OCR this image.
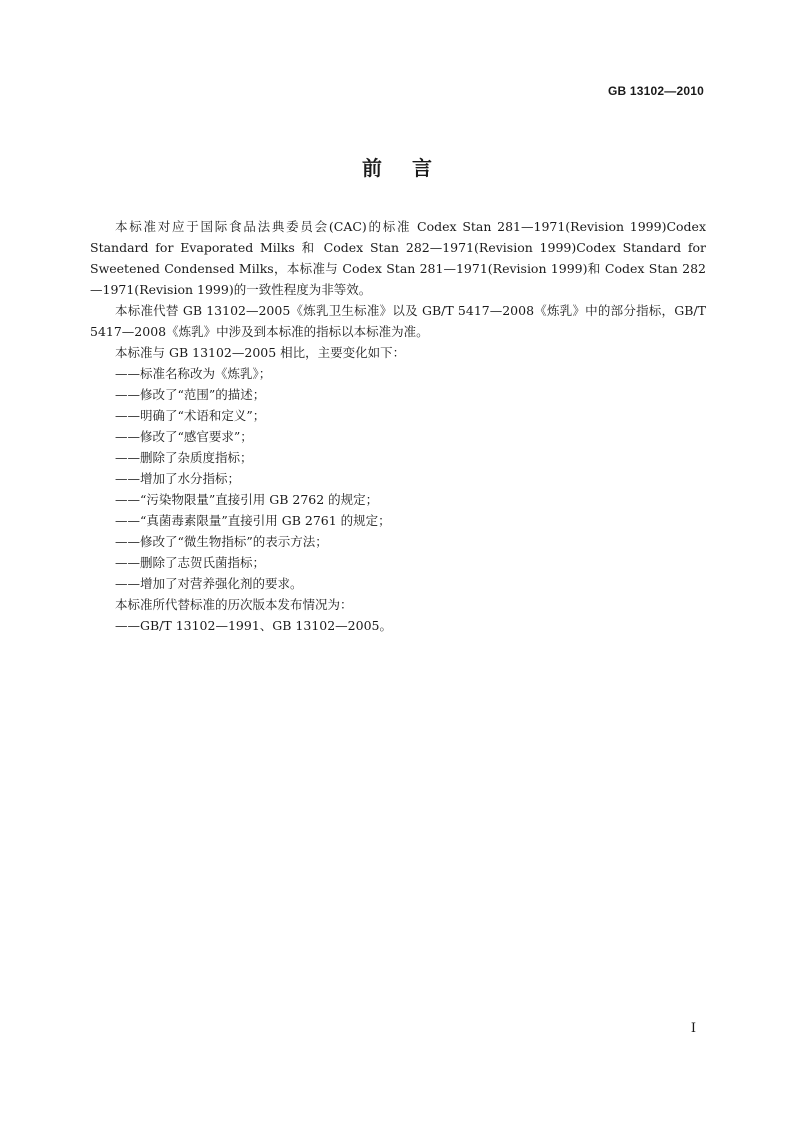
GB 13102—2010
前言

本标准对应于国际食品法典委员会(CAC)的标准 Codex Stan 281—1971(Revision 1999)Codex Standard for Evaporated Milks 和 Codex Stan 282—1971(Revision 1999)Codex Standard for Sweetened Condensed Milks，本标准与 Codex Stan 281—1971(Revision 1999)和 Codex Stan 282—1971(Revision 1999)的一致性程度为非等效。

本标准代替 GB 13102—2005《炼乳卫生标准》以及 GB/T 5417—2008《炼乳》中的部分指标，GB/T 5417—2008《炼乳》中涉及到本标准的指标以本标准为准。

本标准与 GB 13102—2005 相比，主要变化如下：

——标准名称改为《炼乳》；
——修改了“范围”的描述；
——明确了“术语和定义”；
——修改了“感官要求”；
——删除了杂质度指标；
——增加了水分指标；
——“污染物限量”直接引用 GB 2762 的规定；
——“真菌毒素限量”直接引用 GB 2761 的规定；
——修改了“微生物指标”的表示方法；
——删除了志贺氏菌指标；
——增加了对营养强化剂的要求。

本标准所代替标准的历次版本发布情况为：

——GB/T 13102—1991、GB 13102—2005。
I
